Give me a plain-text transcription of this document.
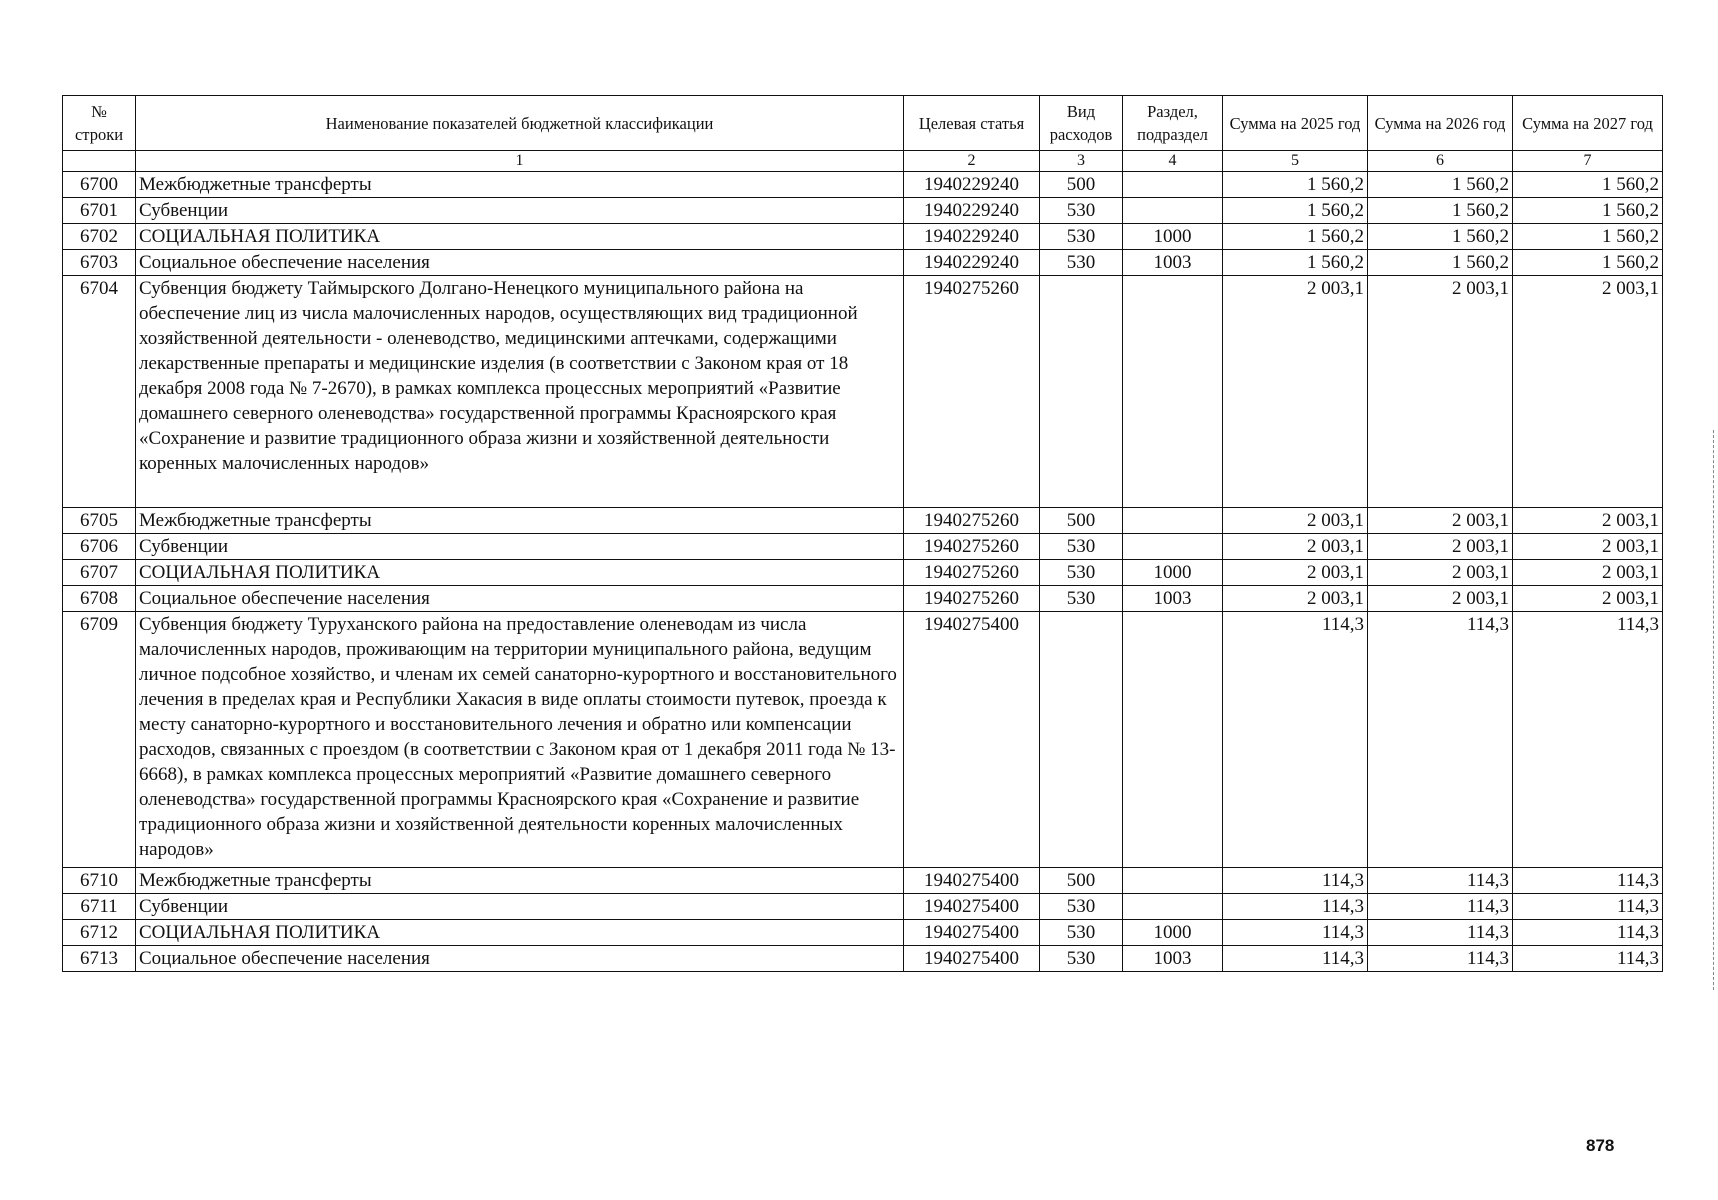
№ строки	Наименование показателей бюджетной классификации	Целевая статья	Вид расходов	Раздел, подраздел	Сумма на 2025 год	Сумма на 2026 год	Сумма на 2027 год
	1	2	3	4	5	6	7
6700	Межбюджетные трансферты	1940229240	500		1 560,2	1 560,2	1 560,2
6701	Субвенции	1940229240	530		1 560,2	1 560,2	1 560,2
6702	СОЦИАЛЬНАЯ ПОЛИТИКА	1940229240	530	1000	1 560,2	1 560,2	1 560,2
6703	Социальное обеспечение населения	1940229240	530	1003	1 560,2	1 560,2	1 560,2
6704	Субвенция бюджету Таймырского Долгано-Ненецкого муниципального района на обеспечение лиц из числа малочисленных народов, осуществляющих вид традиционной хозяйственной деятельности - оленеводство, медицинскими аптечками, содержащими лекарственные препараты и медицинские изделия (в соответствии с Законом края от 18 декабря 2008 года № 7-2670), в рамках комплекса процессных мероприятий «Развитие домашнего северного оленеводства» государственной программы Красноярского края «Сохранение и развитие традиционного образа жизни и хозяйственной деятельности коренных малочисленных народов»	1940275260			2 003,1	2 003,1	2 003,1
6705	Межбюджетные трансферты	1940275260	500		2 003,1	2 003,1	2 003,1
6706	Субвенции	1940275260	530		2 003,1	2 003,1	2 003,1
6707	СОЦИАЛЬНАЯ ПОЛИТИКА	1940275260	530	1000	2 003,1	2 003,1	2 003,1
6708	Социальное обеспечение населения	1940275260	530	1003	2 003,1	2 003,1	2 003,1
6709	Субвенция бюджету Туруханского района на предоставление оленеводам из числа малочисленных народов, проживающим на территории муниципального района, ведущим личное подсобное хозяйство, и членам их семей санаторно-курортного и восстановительного лечения в пределах края и Республики Хакасия в виде оплаты стоимости путевок, проезда к месту санаторно-курортного и восстановительного лечения и обратно или компенсации расходов, связанных с проездом (в соответствии с Законом края от 1 декабря 2011 года № 13-6668), в рамках комплекса процессных мероприятий «Развитие домашнего северного оленеводства» государственной программы Красноярского края «Сохранение и развитие традиционного образа жизни и хозяйственной деятельности коренных малочисленных народов»	1940275400			114,3	114,3	114,3
6710	Межбюджетные трансферты	1940275400	500		114,3	114,3	114,3
6711	Субвенции	1940275400	530		114,3	114,3	114,3
6712	СОЦИАЛЬНАЯ ПОЛИТИКА	1940275400	530	1000	114,3	114,3	114,3
6713	Социальное обеспечение населения	1940275400	530	1003	114,3	114,3	114,3
878
